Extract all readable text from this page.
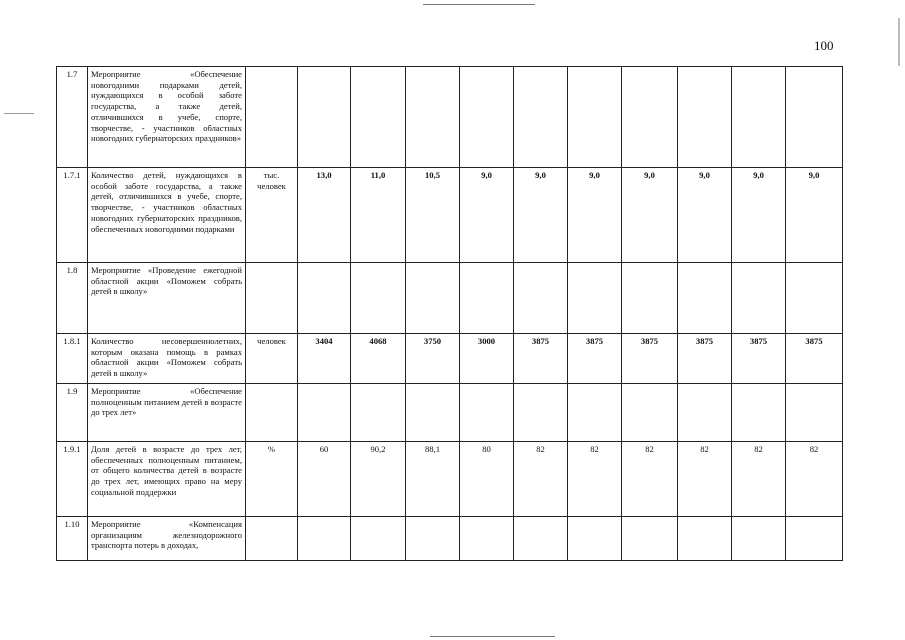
100
1.7	Мероприятие «Обеспечение новогодними подарками детей, нуждающихся в особой заботе государства, а также детей, отличившихся в учебе, спорте, творчестве, - участников областных новогодних губернаторских праздников»											
1.7.1	Количество детей, нуждающихся в особой заботе государства, а также детей, отличившихся в учебе, спорте, творчестве, - участников областных новогодних губернаторских праздников, обеспеченных новогодними подарками	тыс. человек	13,0	11,0	10,5	9,0	9,0	9,0	9,0	9,0	9,0	9,0
1.8	Мероприятие «Проведение ежегодной областной акции «Поможем собрать детей в школу»											
1.8.1	Количество несовершеннолетних, которым оказана помощь в рамках областной акции «Поможем собрать детей в школу»	человек	3404	4068	3750	3000	3875	3875	3875	3875	3875	3875
1.9	Мероприятие «Обеспечение полноценным питанием детей в возрасте до трех лет»											
1.9.1	Доля детей в возрасте до трех лет, обеспеченных полноценным питанием, от общего количества детей в возрасте до трех лет, имеющих право на меру социальной поддержки	%	60	90,2	88,1	80	82	82	82	82	82	82
1.10	Мероприятие «Компенсация организациям железнодорожного транспорта потерь в доходах,											
